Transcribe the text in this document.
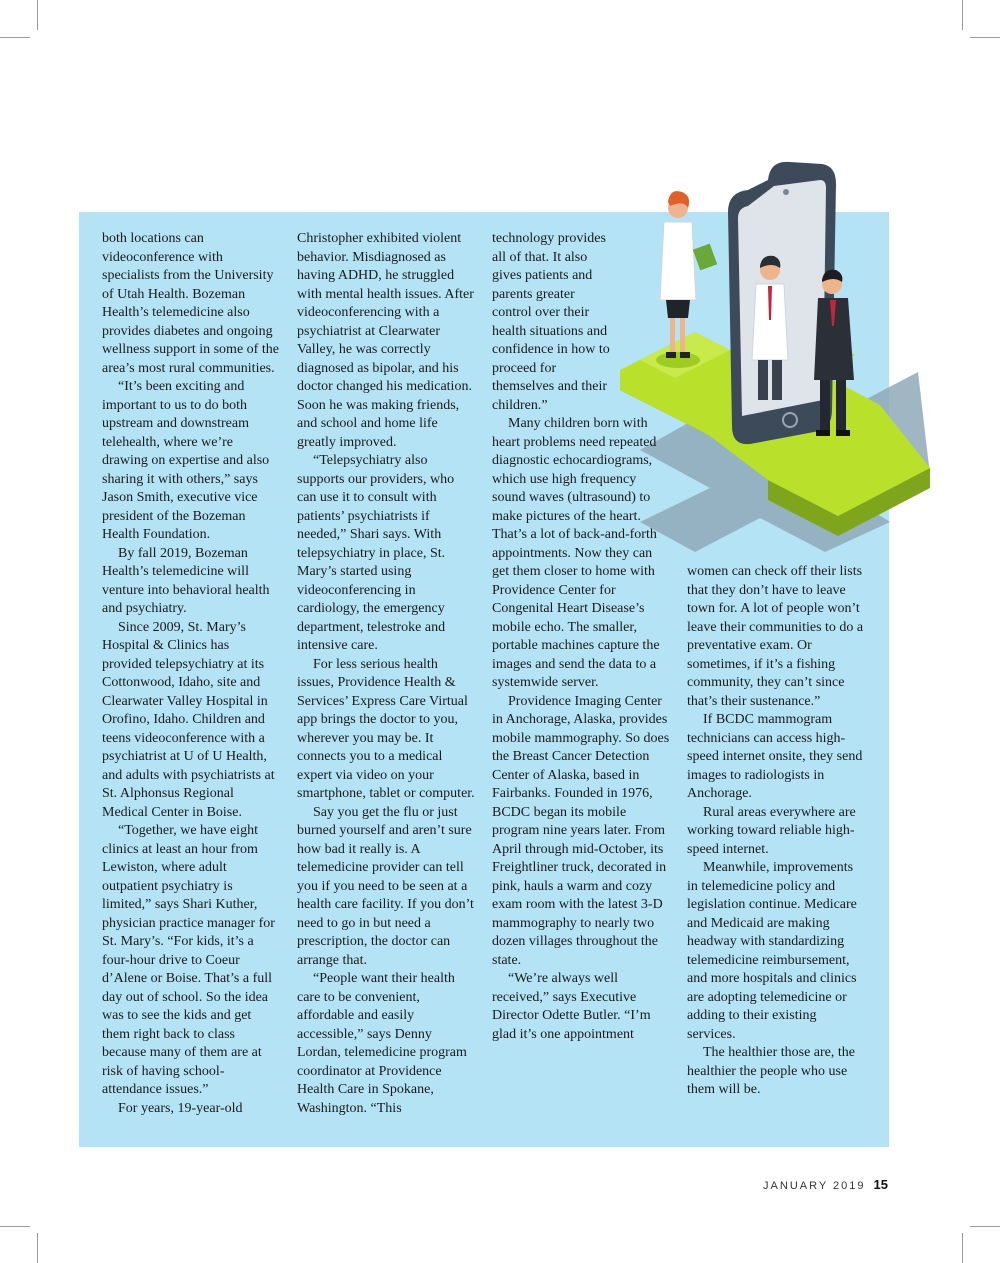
both locations can videoconference with specialists from the University of Utah Health. Bozeman Health’s telemedicine also provides diabetes and ongoing wellness support in some of the area’s most rural communities.

“It’s been exciting and important to us to do both upstream and downstream telehealth, where we’re drawing on expertise and also sharing it with others,” says Jason Smith, executive vice president of the Bozeman Health Foundation.

By fall 2019, Bozeman Health’s telemedicine will venture into behavioral health and psychiatry.

Since 2009, St. Mary’s Hospital & Clinics has provided telepsychiatry at its Cottonwood, Idaho, site and Clearwater Valley Hospital in Orofino, Idaho. Children and teens videoconference with a psychiatrist at U of U Health, and adults with psychiatrists at St. Alphonsus Regional Medical Center in Boise.

“Together, we have eight clinics at least an hour from Lewiston, where adult outpatient psychiatry is limited,” says Shari Kuther, physician practice manager for St. Mary’s. “For kids, it’s a four-hour drive to Coeur d’Alene or Boise. That’s a full day out of school. So the idea was to see the kids and get them right back to class because many of them are at risk of having school-attendance issues.”

For years, 19-year-old

Christopher exhibited violent behavior. Misdiagnosed as having ADHD, he struggled with mental health issues. After videoconferencing with a psychiatrist at Clearwater Valley, he was correctly diagnosed as bipolar, and his doctor changed his medication. Soon he was making friends, and school and home life greatly improved.

“Telepsychiatry also supports our providers, who can use it to consult with patients’ psychiatrists if needed,” Shari says. With telepsychiatry in place, St. Mary’s started using videoconferencing in cardiology, the emergency department, telestroke and intensive care.

For less serious health issues, Providence Health & Services’ Express Care Virtual app brings the doctor to you, wherever you may be. It connects you to a medical expert via video on your smartphone, tablet or computer.

Say you get the flu or just burned yourself and aren’t sure how bad it really is. A telemedicine provider can tell you if you need to be seen at a health care facility. If you don’t need to go in but need a prescription, the doctor can arrange that.

“People want their health care to be convenient, affordable and easily accessible,” says Denny Lordan, telemedicine program coordinator at Providence Health Care in Spokane, Washington. “This

technology provides all of that. It also gives patients and parents greater control over their health situations and confidence in how to proceed for themselves and their children.”

Many children born with heart problems need repeated diagnostic echocardiograms, which use high frequency sound waves (ultrasound) to make pictures of the heart. That’s a lot of back-and-forth appointments. Now they can get them closer to home with Providence Center for Congenital Heart Disease’s mobile echo. The smaller, portable machines capture the images and send the data to a systemwide server.

Providence Imaging Center in Anchorage, Alaska, provides mobile mammography. So does the Breast Cancer Detection Center of Alaska, based in Fairbanks. Founded in 1976, BCDC began its mobile program nine years later. From April through mid-October, its Freightliner truck, decorated in pink, hauls a warm and cozy exam room with the latest 3-D mammography to nearly two dozen villages throughout the state.

“We’re always well received,” says Executive Director Odette Butler. “I’m glad it’s one appointment

women can check off their lists that they don’t have to leave town for. A lot of people won’t leave their communities to do a preventative exam. Or sometimes, if it’s a fishing community, they can’t since that’s their sustenance.”

If BCDC mammogram technicians can access high-speed internet onsite, they send images to radiologists in Anchorage.

Rural areas everywhere are working toward reliable high-speed internet.

Meanwhile, improvements in telemedicine policy and legislation continue. Medicare and Medicaid are making headway with standardizing telemedicine reimbursement, and more hospitals and clinics are adopting telemedicine or adding to their existing services.

The healthier those are, the healthier the people who use them will be.

JANUARY 2019 15
